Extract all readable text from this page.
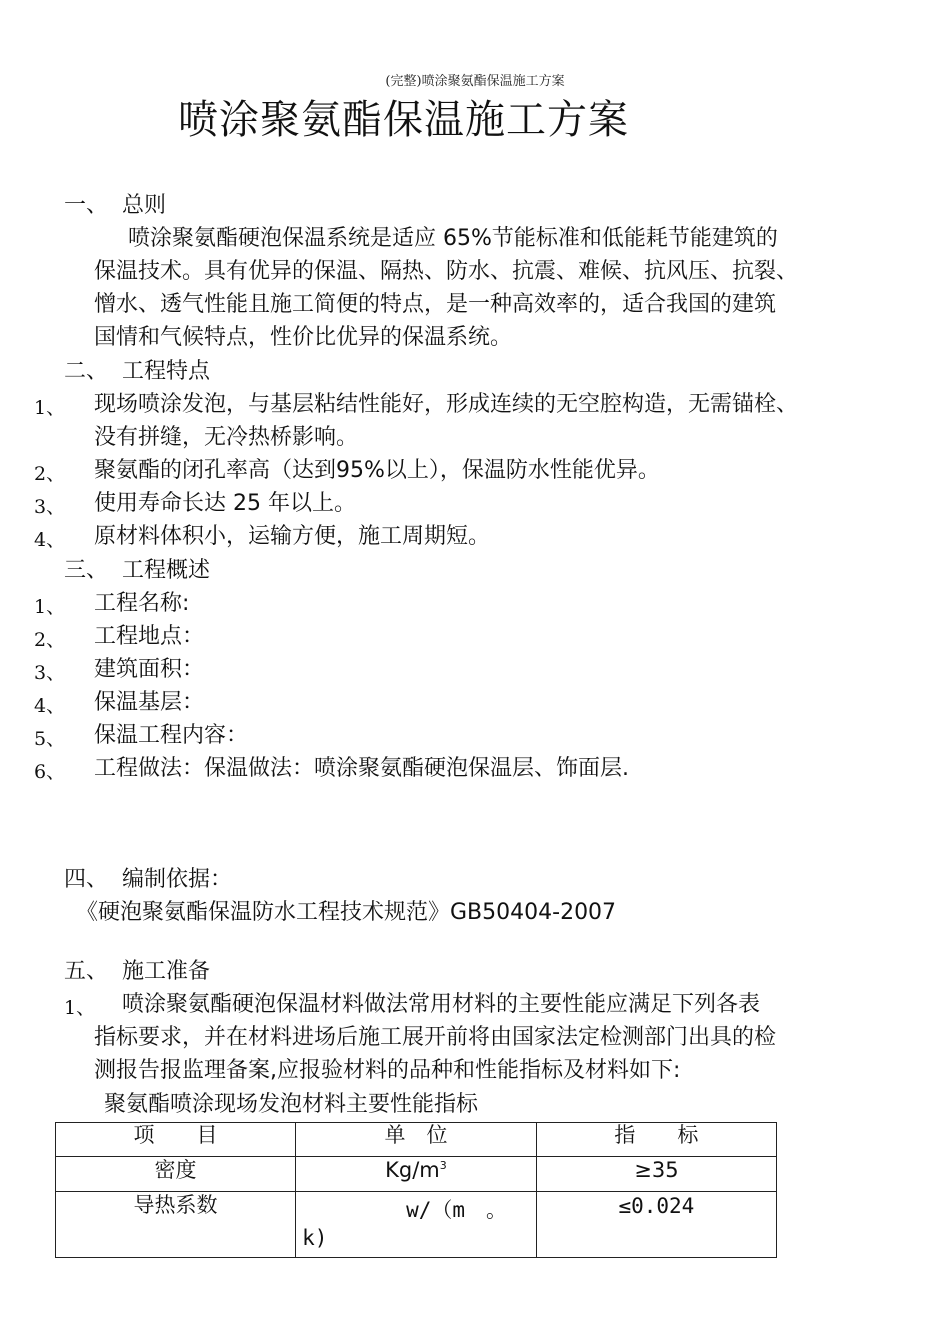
(完整)喷涂聚氨酯保温施工方案
喷涂聚氨酯保温施工方案
一、 总则
喷涂聚氨酯硬泡保温系统是适应 65%节能标准和低能耗节能建筑的
保温技术。具有优异的保温、隔热、防水、抗震、难候、抗风压、抗裂、
憎水、透气性能且施工简便的特点，是一种高效率的，适合我国的建筑
国情和气候特点，性价比优异的保温系统。
二、 工程特点
1、 现场喷涂发泡，与基层粘结性能好，形成连续的无空腔构造，无需锚栓、
没有拼缝，无冷热桥影响。
2、 聚氨酯的闭孔率高（达到95%以上），保温防水性能优异。
3、 使用寿命长达 25 年以上。
4、 原材料体积小，运输方便，施工周期短。
三、 工程概述
1、 工程名称:
2、 工程地点：
3、 建筑面积：
4、 保温基层：
5、 保温工程内容：
6、 工程做法：保温做法：喷涂聚氨酯硬泡保温层、饰面层.
四、 编制依据：
《硬泡聚氨酯保温防水工程技术规范》GB50404-2007
五、 施工准备
1、 喷涂聚氨酯硬泡保温材料做法常用材料的主要性能应满足下列各表
指标要求，并在材料进场后施工展开前将由国家法定检测部门出具的检
测报告报监理备案,应报验材料的品种和性能指标及材料如下:
聚氨酯喷涂现场发泡材料主要性能指标
项　　目	单　位	指　　标

密度	$Kg/m^3$	≥35

导热系数	w/（m　。
k)	≤0.024
